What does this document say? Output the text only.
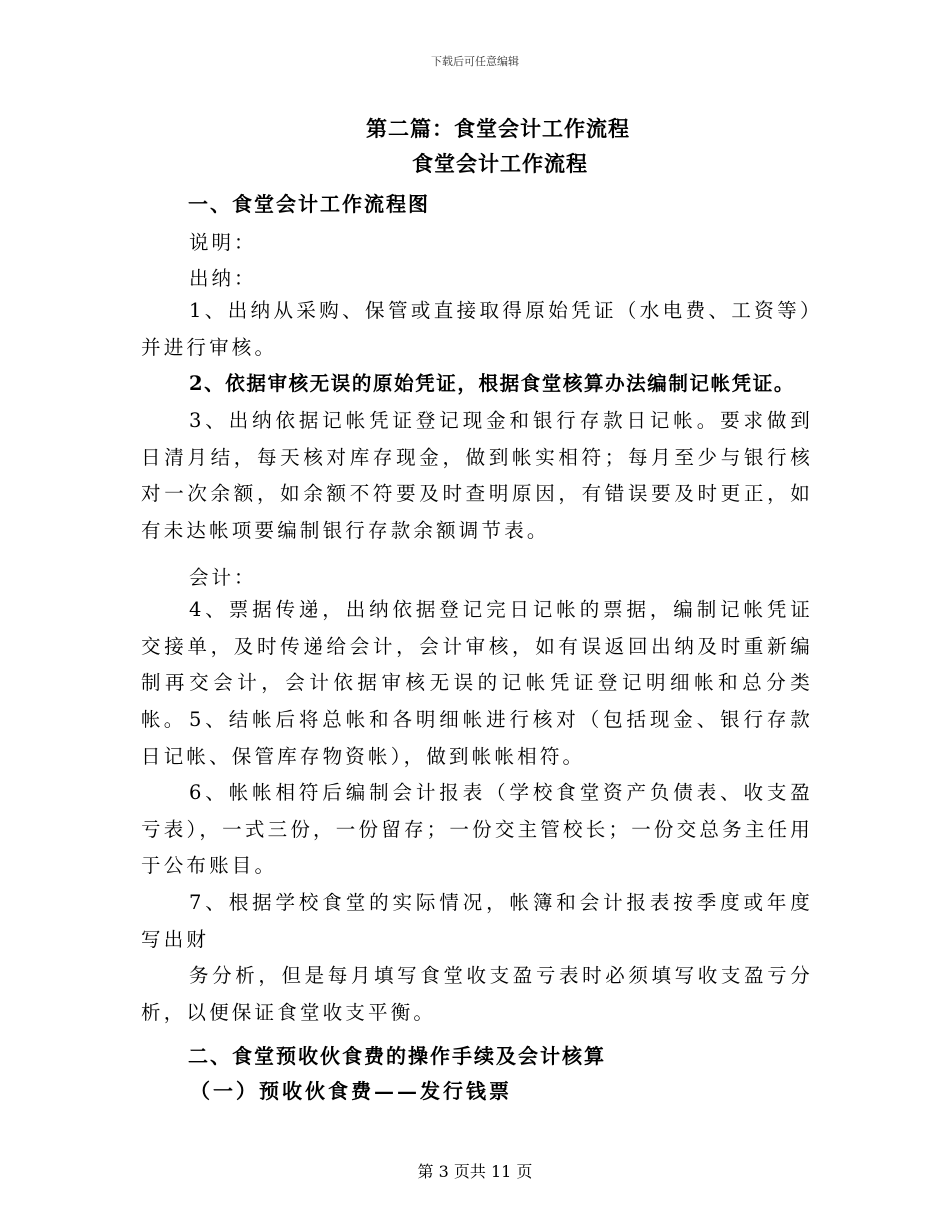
下载后可任意编辑
第二篇：食堂会计工作流程
食堂会计工作流程
一、食堂会计工作流程图
说明：
出纳：
1、出纳从采购、保管或直接取得原始凭证（水电费、工资等）并进行审核。
2、依据审核无误的原始凭证，根据食堂核算办法编制记帐凭证。
3、出纳依据记帐凭证登记现金和银行存款日记帐。要求做到日清月结，每天核对库存现金，做到帐实相符；每月至少与银行核对一次余额，如余额不符要及时查明原因，有错误要及时更正，如有未达帐项要编制银行存款余额调节表。
会计：
4、票据传递，出纳依据登记完日记帐的票据，编制记帐凭证交接单，及时传递给会计，会计审核，如有误返回出纳及时重新编制再交会计，会计依据审核无误的记帐凭证登记明细帐和总分类帐。 5、结帐后将总帐和各明细帐进行核对（包括现金、银行存款日记帐、保管库存物资帐），做到帐帐相符。
6、帐帐相符后编制会计报表（学校食堂资产负债表、收支盈亏表），一式三份，一份留存；一份交主管校长；一份交总务主任用于公布账目。
7、根据学校食堂的实际情况，帐簿和会计报表按季度或年度写出财
务分析，但是每月填写食堂收支盈亏表时必须填写收支盈亏分析，以便保证食堂收支平衡。
二、食堂预收伙食费的操作手续及会计核算
（一）预收伙食费——发行钱票
第 3 页共 11 页
